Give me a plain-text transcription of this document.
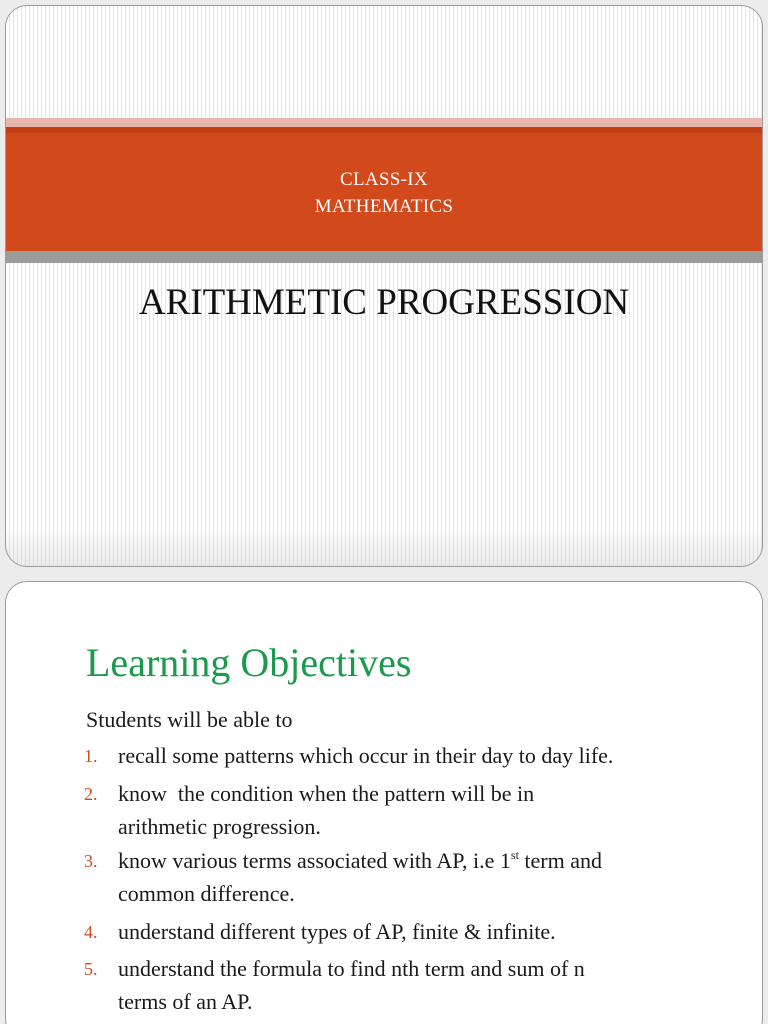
CLASS-IX
MATHEMATICS
ARITHMETIC PROGRESSION
Learning Objectives
Students will be able to
1. recall some patterns which occur in their day to day life.
2. know  the condition when the pattern will be in
arithmetic progression.
3. know various terms associated with AP, i.e 1st term and
common difference.
4. understand different types of AP, finite & infinite.
5. understand the formula to find nth term and sum of n
terms of an AP.
